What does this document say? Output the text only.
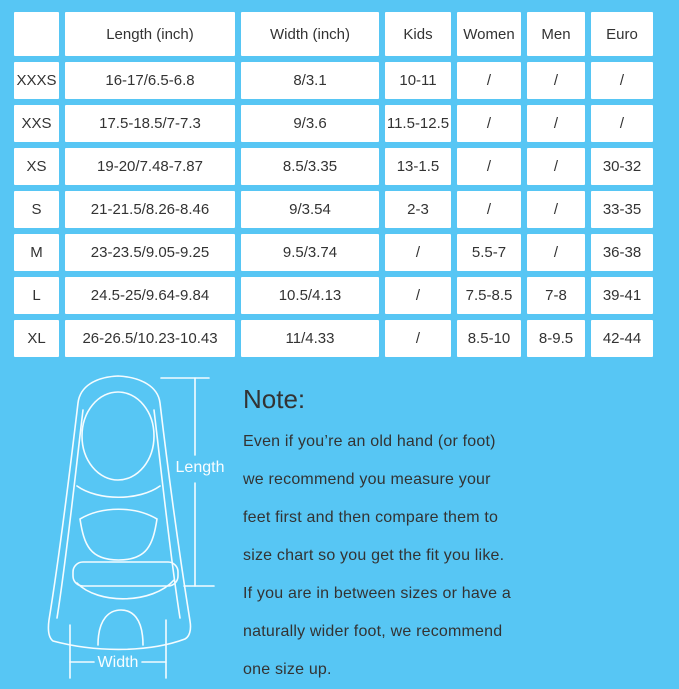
	Length (inch)	Width (inch)	Kids	Women	Men	Euro
XXXS	16-17/6.5-6.8	8/3.1	10-11	/	/	/
XXS	17.5-18.5/7-7.3	9/3.6	11.5-12.5	/	/	/
XS	19-20/7.48-7.87	8.5/3.35	13-1.5	/	/	30-32
S	21-21.5/8.26-8.46	9/3.54	2-3	/	/	33-35
M	23-23.5/9.05-9.25	9.5/3.74	/	5.5-7	/	36-38
L	24.5-25/9.64-9.84	10.5/4.13	/	7.5-8.5	7-8	39-41
XL	26-26.5/10.23-10.43	11/4.33	/	8.5-10	8-9.5	42-44
Length
Width
Note:
Even if you’re an old hand (or foot)
we recommend you measure your
feet first and then compare them to
size chart so you get the fit you like.
If you are in between sizes or have a
naturally wider foot, we recommend
one size up.
